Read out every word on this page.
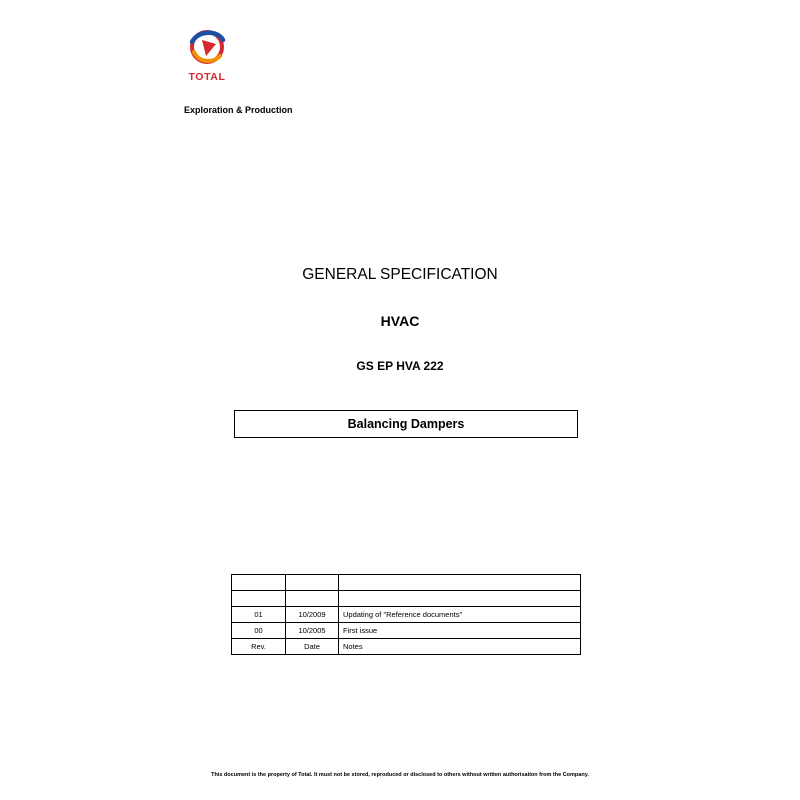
TOTAL
Exploration & Production
GENERAL SPECIFICATION
HVAC
GS EP HVA 222
Balancing Dampers

01	10/2009	Updating of "Reference documents"
00	10/2005	First issue
Rev.	Date	Notes
This document is the property of Total. It must not be stored, reproduced or disclosed to others without written authorisation from the Company.
